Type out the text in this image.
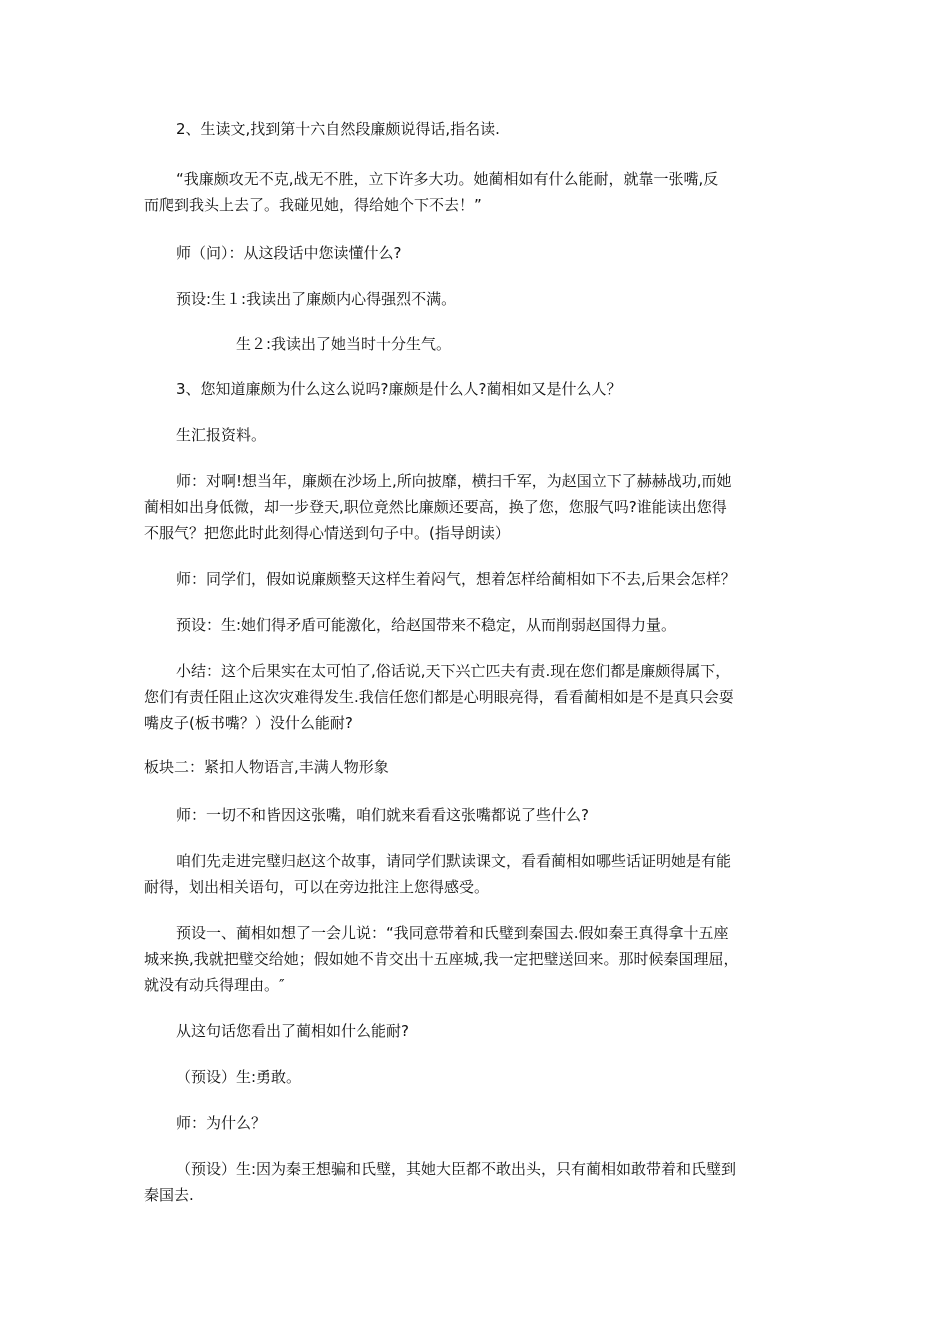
2、生读文,找到第十六自然段廉颇说得话,指名读.
“我廉颇攻无不克,战无不胜，立下许多大功。她蔺相如有什么能耐，就靠一张嘴,反
而爬到我头上去了。我碰见她，得给她个下不去！”
师（问）：从这段话中您读懂什么?
预设:生１:我读出了廉颇内心得强烈不满。
生２:我读出了她当时十分生气。
3、您知道廉颇为什么这么说吗?廉颇是什么人?蔺相如又是什么人？
生汇报资料。
师：对啊!想当年，廉颇在沙场上,所向披靡，横扫千军，为赵国立下了赫赫战功,而她
蔺相如出身低微，却一步登天,职位竟然比廉颇还要高，换了您，您服气吗?谁能读出您得
不服气？把您此时此刻得心情送到句子中。(指导朗读）
师：同学们，假如说廉颇整天这样生着闷气，想着怎样给蔺相如下不去,后果会怎样？
预设：生:她们得矛盾可能激化，给赵国带来不稳定，从而削弱赵国得力量。
小结：这个后果实在太可怕了,俗话说,天下兴亡匹夫有责.现在您们都是廉颇得属下，
您们有责任阻止这次灾难得发生.我信任您们都是心明眼亮得，看看蔺相如是不是真只会耍
嘴皮子(板书嘴？）没什么能耐?
板块二：紧扣人物语言,丰满人物形象
师：一切不和皆因这张嘴，咱们就来看看这张嘴都说了些什么?
咱们先走进完璧归赵这个故事，请同学们默读课文，看看蔺相如哪些话证明她是有能
耐得，划出相关语句，可以在旁边批注上您得感受。
预设一、蔺相如想了一会儿说：“我同意带着和氏璧到秦国去.假如秦王真得拿十五座
城来换,我就把璧交给她；假如她不肯交出十五座城,我一定把璧送回来。那时候秦国理屈，
就没有动兵得理由。″
从这句话您看出了蔺相如什么能耐?
（预设）生:勇敢。
师：为什么？
（预设）生:因为秦王想骗和氏璧，其她大臣都不敢出头，只有蔺相如敢带着和氏璧到
秦国去.
